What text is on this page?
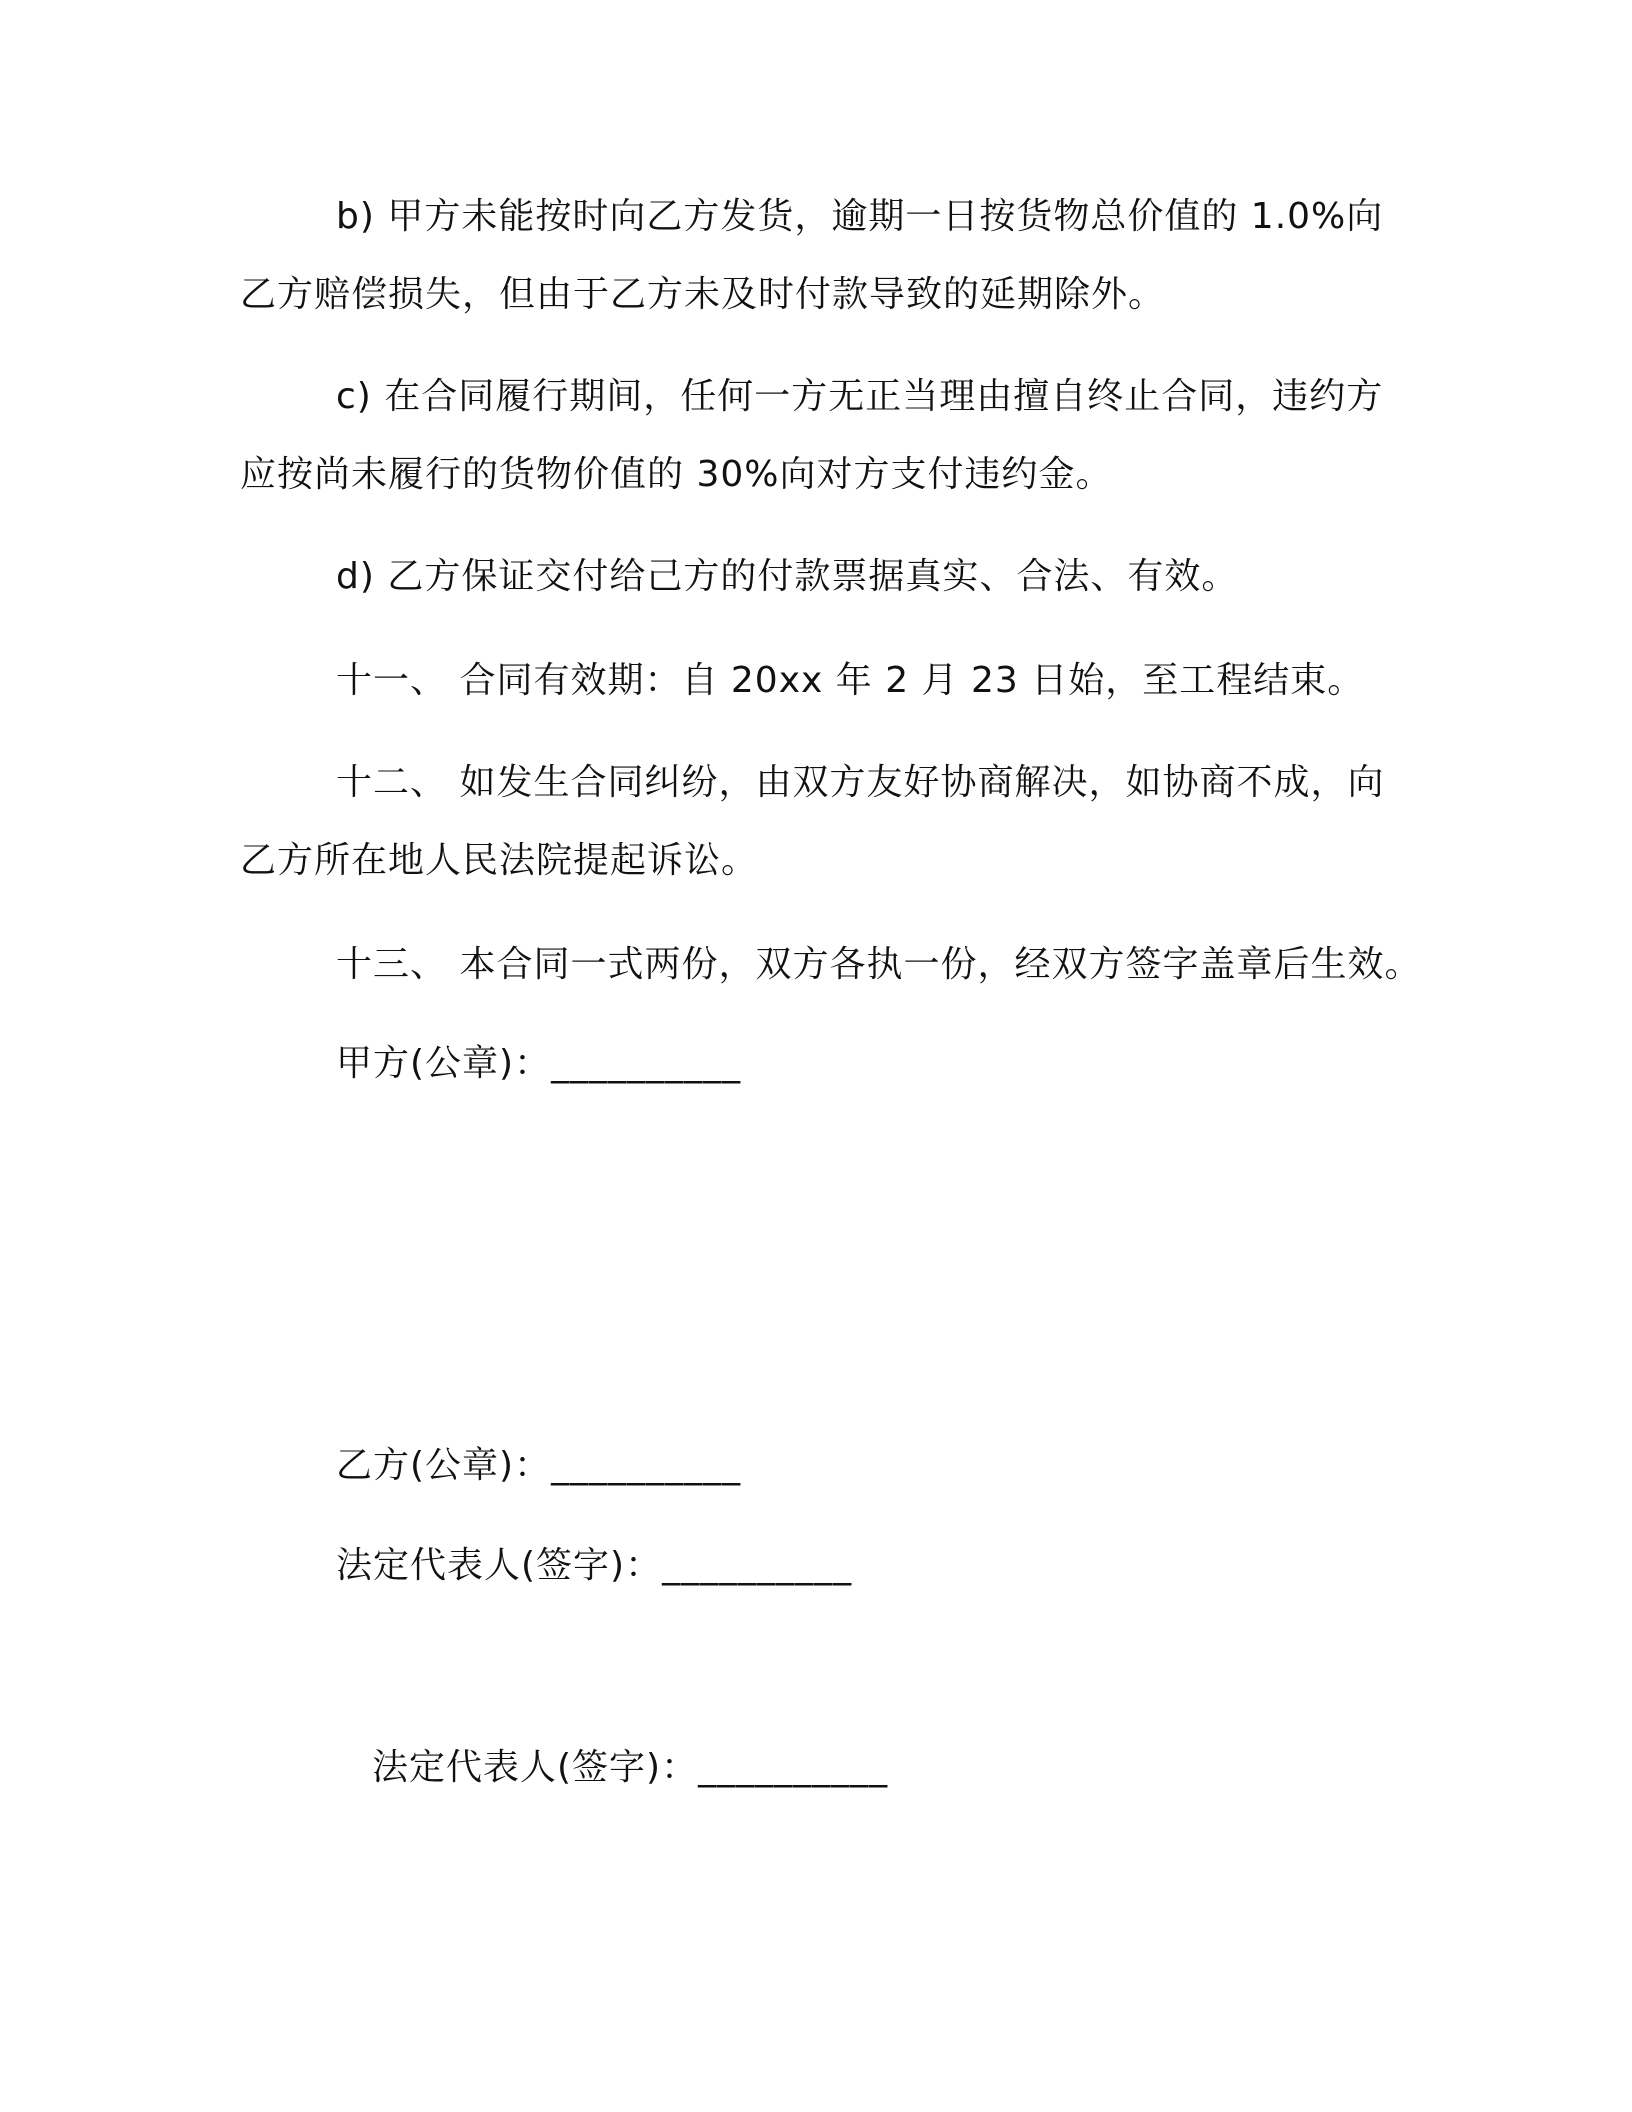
b) 甲方未能按时向乙方发货，逾期一日按货物总价值的 1.0%向
乙方赔偿损失，但由于乙方未及时付款导致的延期除外。
c) 在合同履行期间，任何一方无正当理由擅自终止合同，违约方
应按尚未履行的货物价值的 30%向对方支付违约金。
d) 乙方保证交付给己方的付款票据真实、合法、有效。
十一、 合同有效期：自 20xx 年 2 月 23 日始，至工程结束。
十二、 如发生合同纠纷，由双方友好协商解决，如协商不成，向
乙方所在地人民法院提起诉讼。
十三、 本合同一式两份，双方各执一份，经双方签字盖章后生效。
甲方(公章)：__________
乙方(公章)：__________
法定代表人(签字)：__________
法定代表人(签字)：__________
